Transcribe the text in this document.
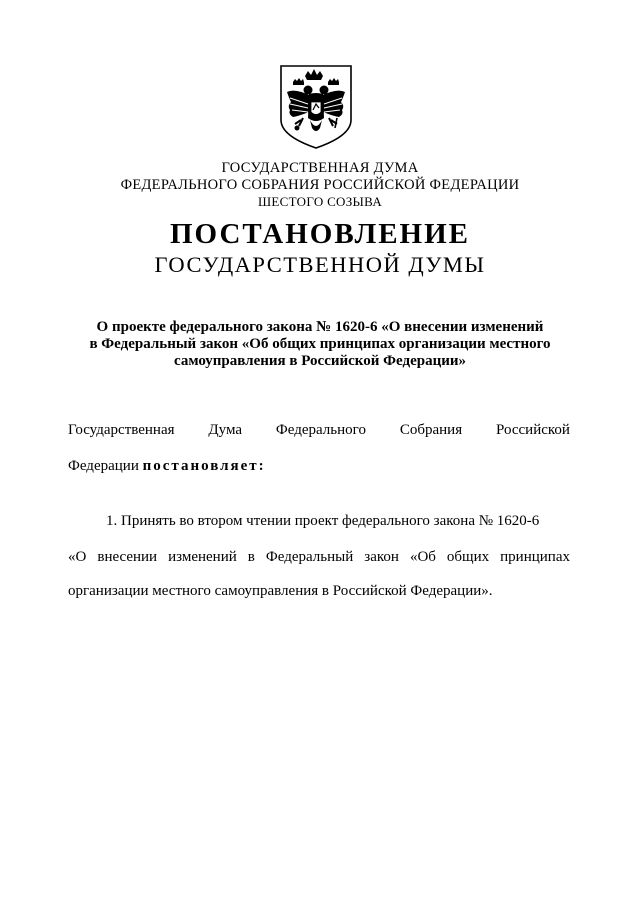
ГОСУДАРСТВЕННАЯ ДУМА
ФЕДЕРАЛЬНОГО СОБРАНИЯ РОССИЙСКОЙ ФЕДЕРАЦИИ
ШЕСТОГО СОЗЫВА
ПОСТАНОВЛЕНИЕ
ГОСУДАРСТВЕННОЙ ДУМЫ
О проекте федерального закона № 1620-6 «О внесении изменений
в Федеральный закон «Об общих принципах организации местного
самоуправления в Российской Федерации»
Государственная Дума Федерального Собрания Российской
Федерации постановляет:
1. Принять во втором чтении проект федерального закона № 1620-6
«О внесении изменений в Федеральный закон «Об общих принципах
организации местного самоуправления в Российской Федерации».
